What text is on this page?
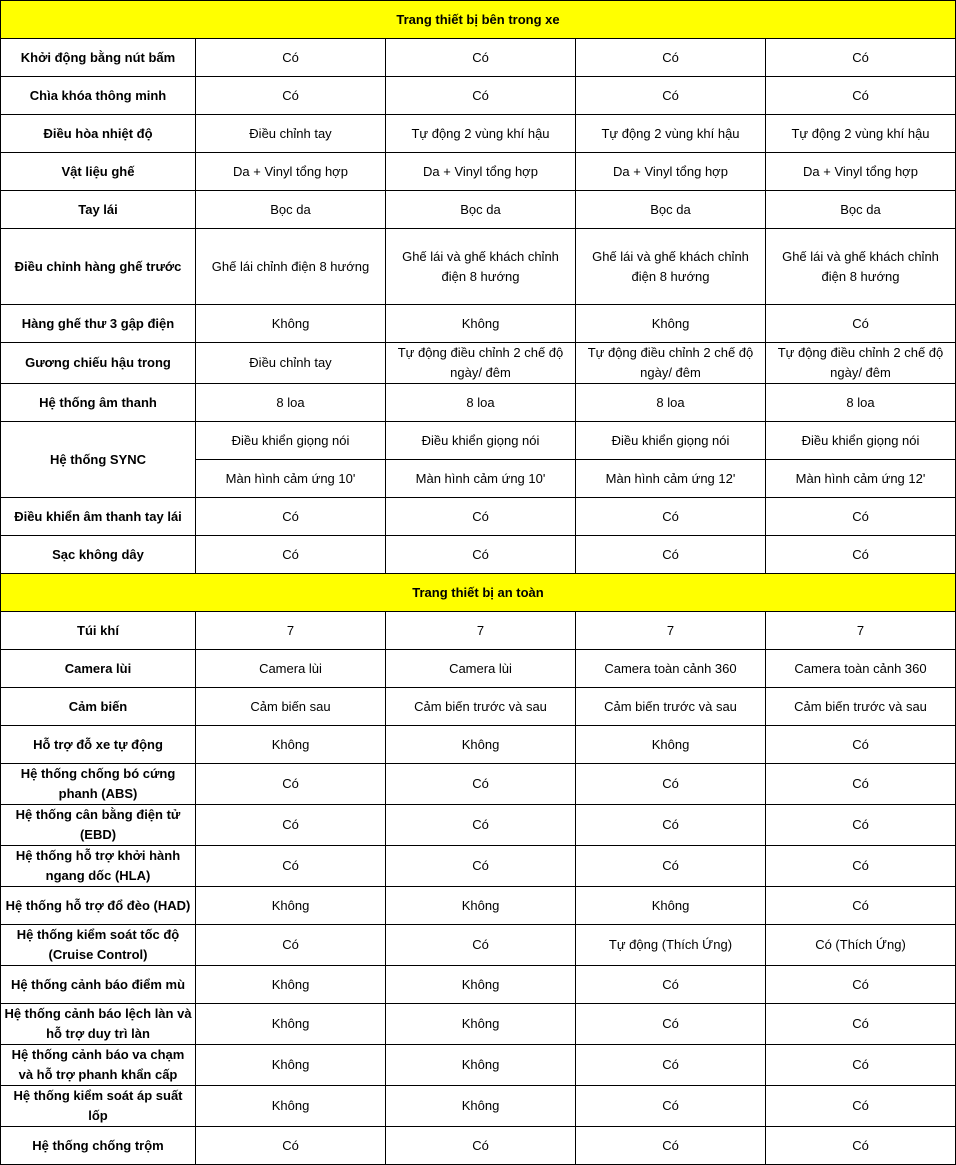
Trang thiết bị bên trong xe				
Khởi động bằng nút bấm	Có	Có	Có	Có
Chìa khóa thông minh	Có	Có	Có	Có
Điều hòa nhiệt độ	Điều chỉnh tay	Tự động 2 vùng khí hậu	Tự động 2 vùng khí hậu	Tự động 2 vùng khí hậu
Vật liệu ghế	Da + Vinyl tổng hợp	Da + Vinyl tổng hợp	Da + Vinyl tổng hợp	Da + Vinyl tổng hợp
Tay lái	Bọc da	Bọc da	Bọc da	Bọc da
Điều chỉnh hàng ghế trước	Ghế lái chỉnh điện 8 hướng	Ghế lái và ghế khách chỉnh điện 8 hướng	Ghế lái và ghế khách chỉnh điện 8 hướng	Ghế lái và ghế khách chỉnh điện 8 hướng
Hàng ghế thư 3 gập điện	Không	Không	Không	Có
Gương chiếu hậu trong	Điều chỉnh tay	Tự động điều chỉnh 2 chế độ ngày/ đêm	Tự động điều chỉnh 2 chế độ ngày/ đêm	Tự động điều chỉnh 2 chế độ ngày/ đêm
Hệ thống âm thanh	8 loa	8 loa	8 loa	8 loa
Hệ thống SYNC	Điều khiển giọng nói	Điều khiển giọng nói	Điều khiển giọng nói	Điều khiển giọng nói
	Màn hình cảm ứng 10'	Màn hình cảm ứng 10'	Màn hình cảm ứng 12'	Màn hình cảm ứng 12'
Điều khiển âm thanh tay lái	Có	Có	Có	Có
Sạc không dây	Có	Có	Có	Có
Trang thiết bị an toàn				
Túi khí	7	7	7	7
Camera lùi	Camera lùi	Camera lùi	Camera toàn cảnh 360	Camera toàn cảnh 360
Cảm biến	Cảm biến sau	Cảm biến trước và sau	Cảm biến trước và sau	Cảm biến trước và sau
Hỗ trợ đỗ xe tự động	Không	Không	Không	Có
Hệ thống chống bó cứng phanh (ABS)	Có	Có	Có	Có
Hệ thống cân bằng điện tử (EBD)	Có	Có	Có	Có
Hệ thống hỗ trợ khởi hành ngang dốc (HLA)	Có	Có	Có	Có
Hệ thống hỗ trợ đổ đèo (HAD)	Không	Không	Không	Có
Hệ thống kiểm soát tốc độ (Cruise Control)	Có	Có	Tự động (Thích Ứng)	Có (Thích Ứng)
Hệ thống cảnh báo điểm mù	Không	Không	Có	Có
Hệ thống cảnh báo lệch làn và hỗ trợ duy trì làn	Không	Không	Có	Có
Hệ thống cảnh báo va chạm và hỗ trợ phanh khẩn cấp	Không	Không	Có	Có
Hệ thống kiểm soát áp suất lốp	Không	Không	Có	Có
Hệ thống chống trộm	Có	Có	Có	Có
